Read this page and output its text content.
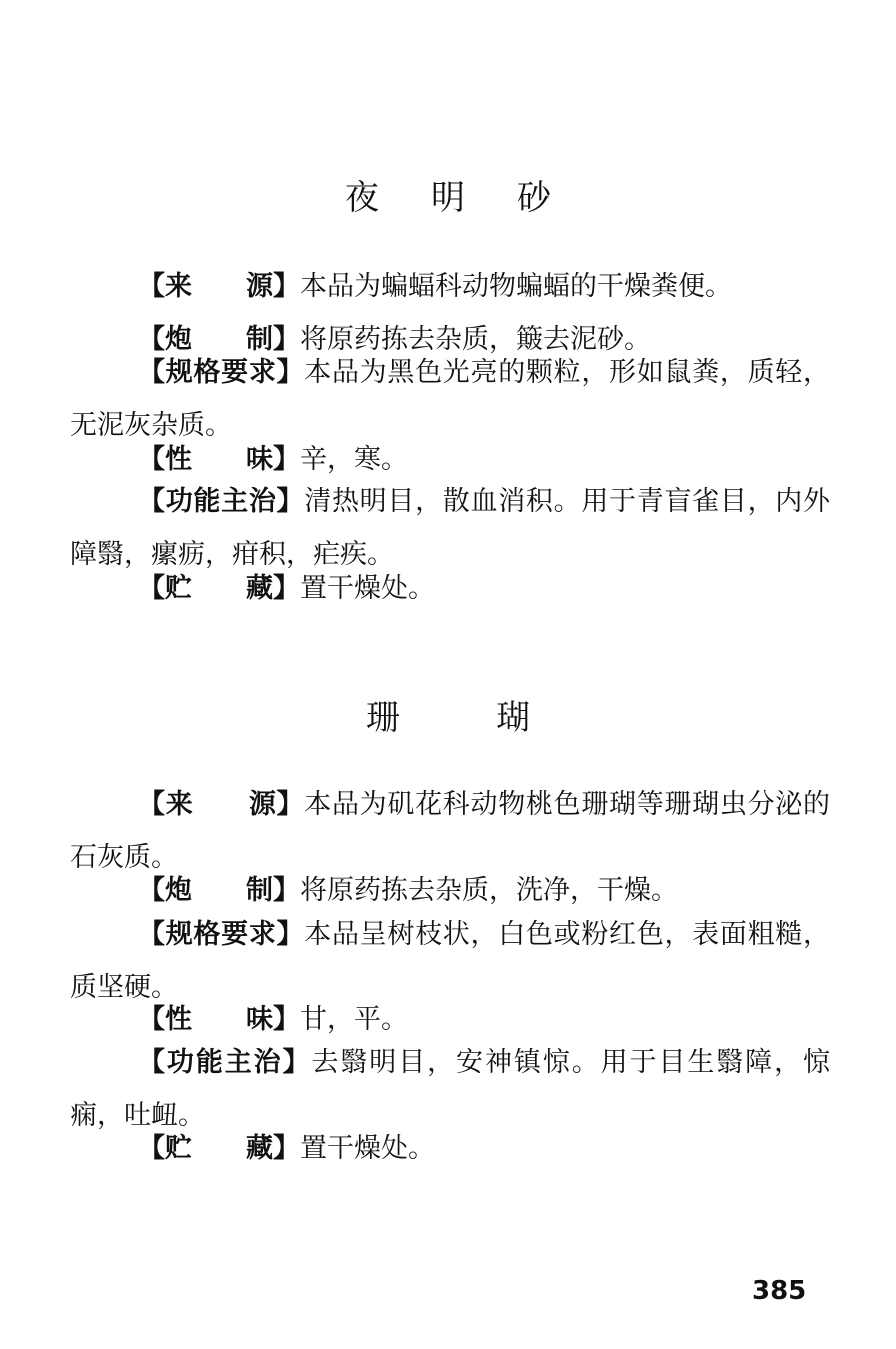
夜 明 砂
【来　　源】本品为蝙蝠科动物蝙蝠的干燥粪便。
【炮　　制】将原药拣去杂质，簸去泥砂。
【规格要求】本品为黑色光亮的颗粒，形如鼠粪，质轻，无泥灰杂质。
【性　　味】辛，寒。
【功能主治】清热明目，散血消积。用于青盲雀目，内外障翳，瘰疬，疳积，疟疾。
【贮　　藏】置干燥处。
珊	瑚
【来　　源】本品为矶花科动物桃色珊瑚等珊瑚虫分泌的石灰质。
【炮　　制】将原药拣去杂质，洗净，干燥。
【规格要求】本品呈树枝状，白色或粉红色，表面粗糙，质坚硬。
【性　　味】甘，平。
【功能主治】去翳明目，安神镇惊。用于目生翳障，惊痫，吐衄。
【贮　　藏】置干燥处。
385
